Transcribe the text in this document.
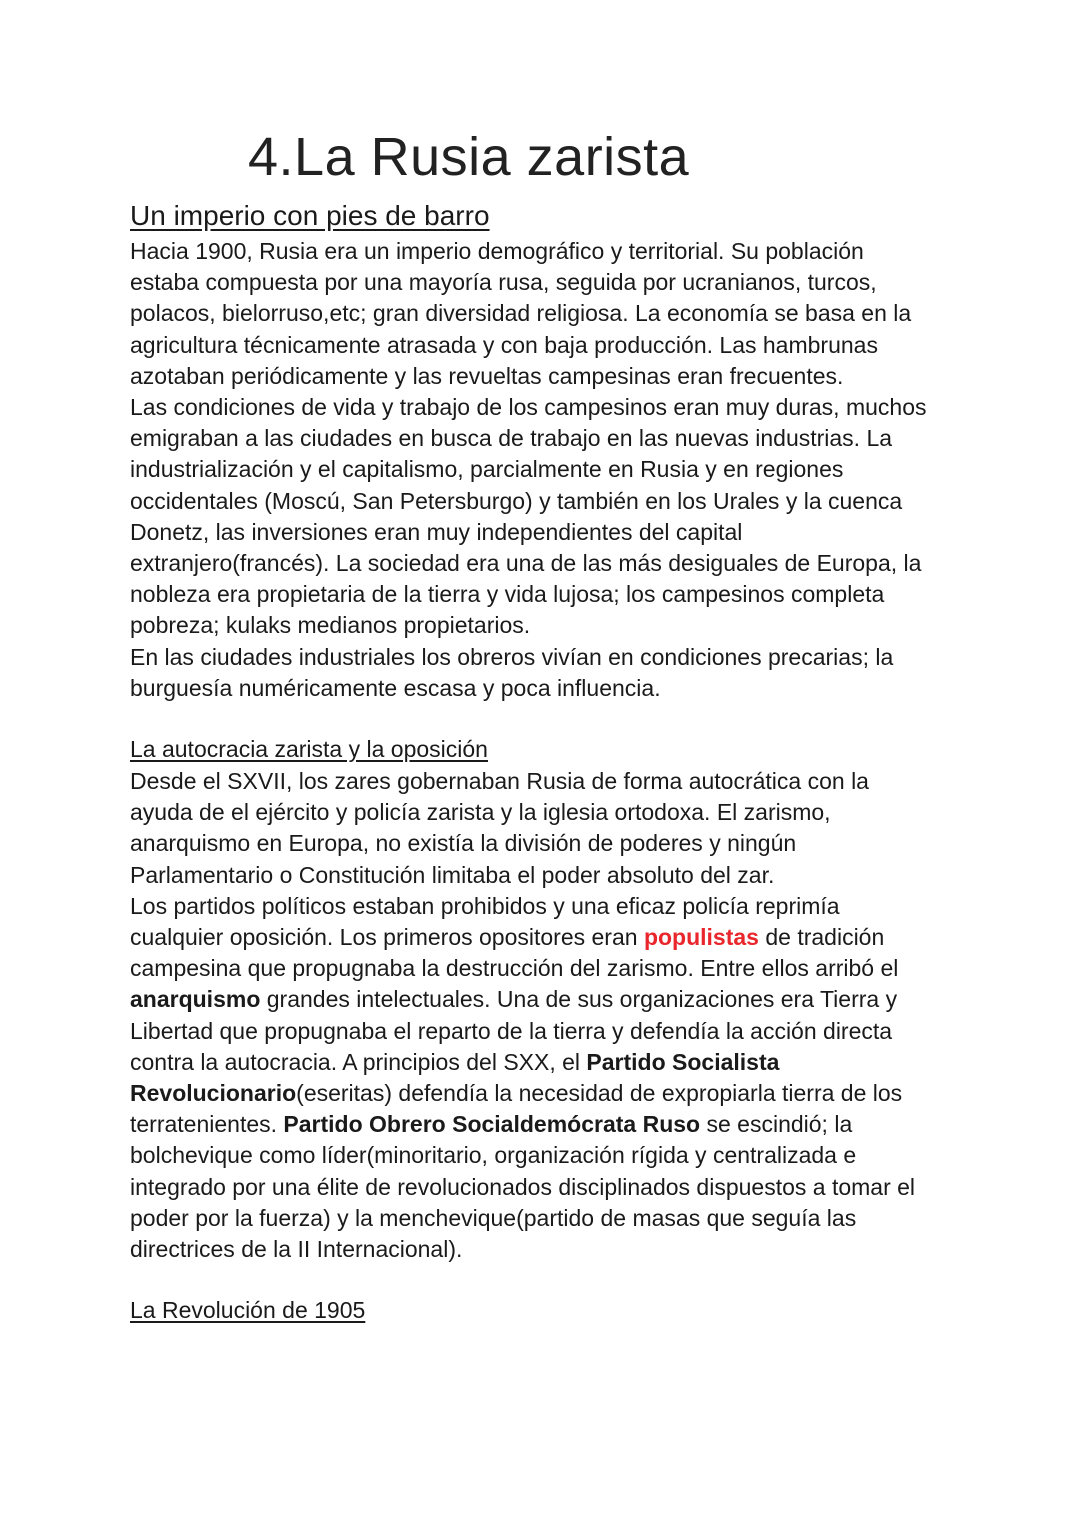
4.La Rusia zarista
Un imperio con pies de barro

Hacia 1900, Rusia era un imperio demográfico y territorial. Su población
estaba compuesta por una mayoría rusa, seguida por ucranianos, turcos,
polacos, bielorruso,etc; gran diversidad religiosa. La economía se basa en la
agricultura técnicamente atrasada y con baja producción. Las hambrunas
azotaban periódicamente y las revueltas campesinas eran frecuentes.
Las condiciones de vida y trabajo de los campesinos eran muy duras, muchos
emigraban a las ciudades en busca de trabajo en las nuevas industrias. La
industrialización y el capitalismo, parcialmente en Rusia y en regiones
occidentales (Moscú, San Petersburgo) y también en los Urales y la cuenca
Donetz, las inversiones eran muy independientes del capital
extranjero(francés). La sociedad era una de las más desiguales de Europa, la
nobleza era propietaria de la tierra y vida lujosa; los campesinos completa
pobreza; kulaks medianos propietarios.
En las ciudades industriales los obreros vivían en condiciones precarias; la
burguesía numéricamente escasa y poca influencia.

La autocracia zarista y la oposición

Desde el SXVII, los zares gobernaban Rusia de forma autocrática con la
ayuda de el ejército y policía zarista y la iglesia ortodoxa. El zarismo,
anarquismo en Europa, no existía la división de poderes y ningún
Parlamentario o Constitución limitaba el poder absoluto del zar.
Los partidos políticos estaban prohibidos y una eficaz policía reprimía
cualquier oposición. Los primeros opositores eran populistas de tradición
campesina que propugnaba la destrucción del zarismo. Entre ellos arribó el
anarquismo grandes intelectuales. Una de sus organizaciones era Tierra y
Libertad que propugnaba el reparto de la tierra y defendía la acción directa
contra la autocracia. A principios del SXX, el Partido Socialista
Revolucionario(eseritas) defendía la necesidad de expropiarla tierra de los
terratenientes. Partido Obrero Socialdemócrata Ruso se escindió; la
bolchevique como líder(minoritario, organización rígida y centralizada e
integrado por una élite de revolucionados disciplinados dispuestos a tomar el
poder por la fuerza) y la menchevique(partido de masas que seguía las
directrices de la II Internacional).

La Revolución de 1905
